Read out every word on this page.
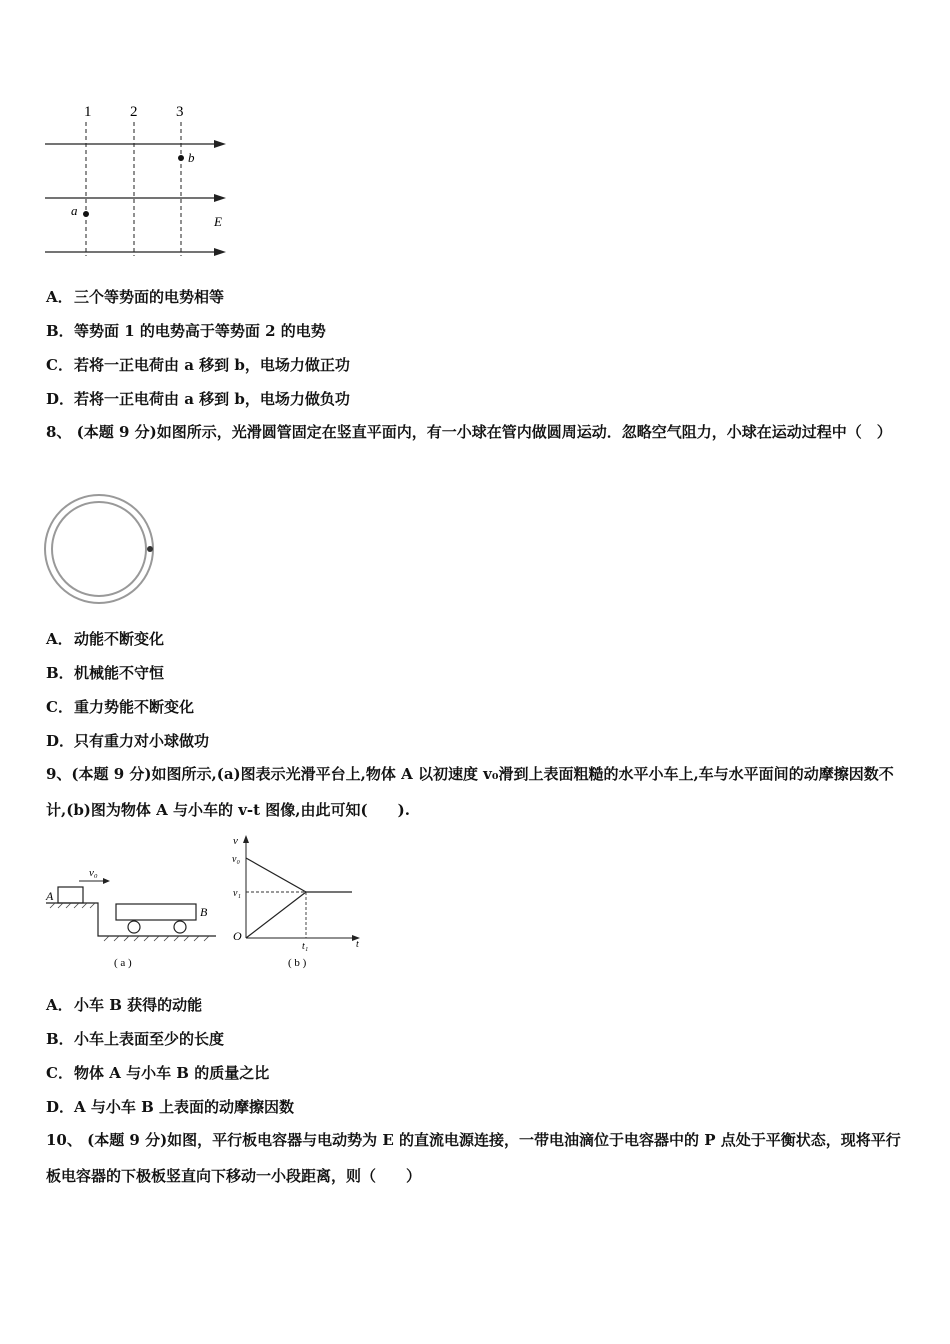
1	2	3
b
a
E
A．三个等势面的电势相等
B．等势面 1 的电势高于等势面 2 的电势
C．若将一正电荷由 a 移到 b，电场力做正功
D．若将一正电荷由 a 移到 b，电场力做负功
8、 (本题 9 分)如图所示，光滑圆管固定在竖直平面内，有一小球在管内做圆周运动．忽略空气阻力，小球在运动过程中（　）
A．动能不断变化
B．机械能不守恒
C．重力势能不断变化
D．只有重力对小球做功
9、(本题 9 分)如图所示,(a)图表示光滑平台上,物体 A 以初速度 v₀滑到上表面粗糙的水平小车上,车与水平面间的动摩擦因数不计,(b)图为物体 A 与小车的 v-t 图像,由此可知(　　).
v₀
A
B
( a )
v
v₀
v₁
O
t₁	t
( b )
A．小车 B 获得的动能
B．小车上表面至少的长度
C．物体 A 与小车 B 的质量之比
D．A 与小车 B 上表面的动摩擦因数
10、 (本题 9 分)如图，平行板电容器与电动势为 E 的直流电源连接，一带电油滴位于电容器中的 P 点处于平衡状态，现将平行板电容器的下极板竖直向下移动一小段距离，则（　　）
